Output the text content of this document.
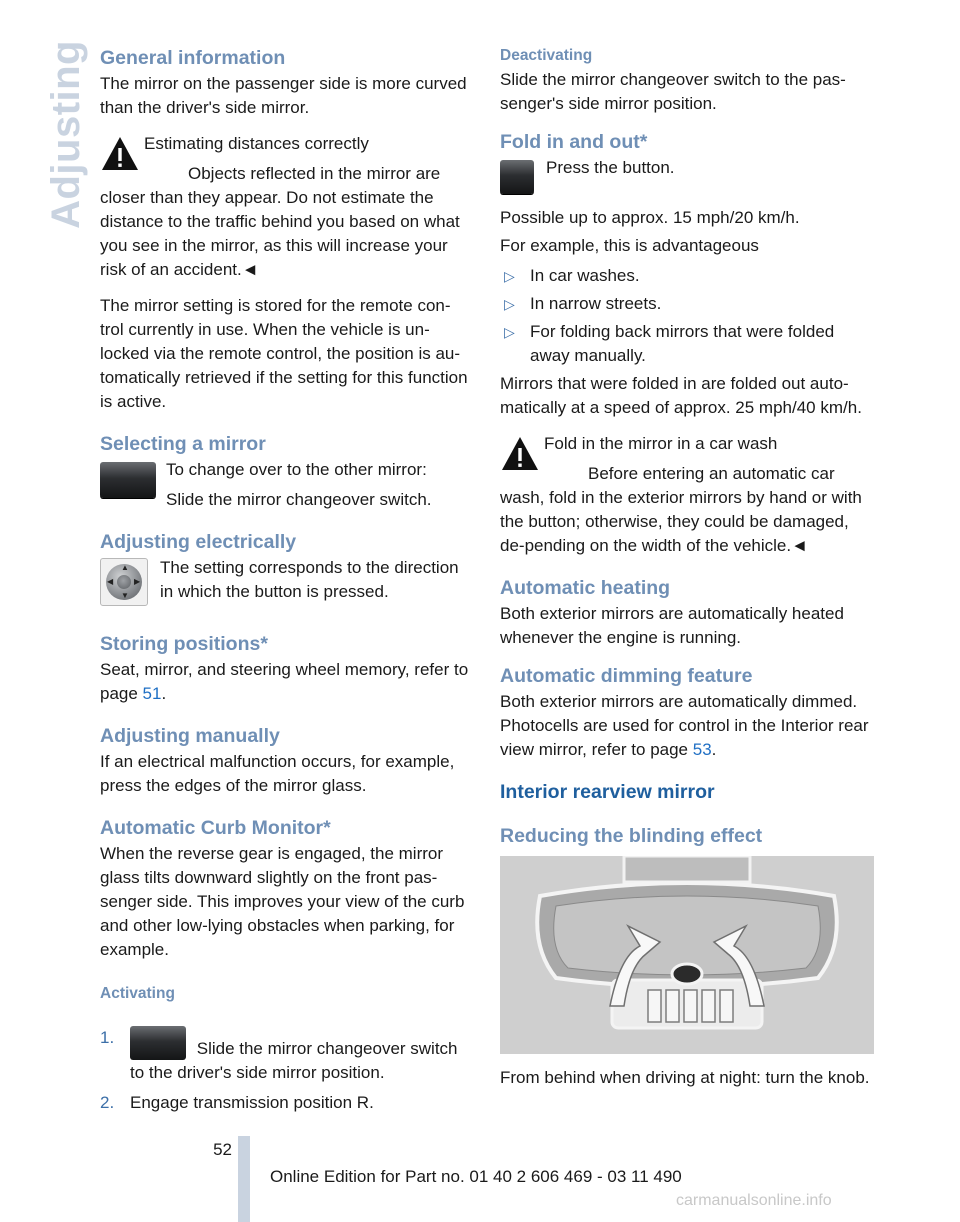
Adjusting General information

The mirror on the passenger side is more curved than the driver's side mirror.

Estimating distances correctly

Objects reflected in the mirror are closer than they appear. Do not estimate the distance to the traffic behind you based on what you see in the mirror, as this will increase your risk of an accident.◄

The mirror setting is stored for the remote con-trol currently in use. When the vehicle is un-locked via the remote control, the position is au-tomatically retrieved if the setting for this function is active.

Selecting a mirror

To change over to the other mirror:

Slide the mirror changeover switch.

Adjusting electrically
▲
▼
◀	▶

The setting corresponds to the direction in which the button is pressed.

Storing positions*

Seat, mirror, and steering wheel memory, refer to page 51.

Adjusting manually

If an electrical malfunction occurs, for example, press the edges of the mirror glass.

Automatic Curb Monitor*

When the reverse gear is engaged, the mirror glass tilts downward slightly on the front pas-senger side. This improves your view of the curb and other low-lying obstacles when parking, for example.

Activating
1.
Slide the mirror changeover switch to the driver's side mirror position.
2. Engage transmission position R.
Deactivating

Slide the mirror changeover switch to the pas-senger's side mirror position.

Fold in and out*

Press the button.

Possible up to approx. 15 mph/20 km/h.

For example, this is advantageous

▷ In car washes.
▷ In narrow streets.
▷ For folding back mirrors that were folded away manually.

Mirrors that were folded in are folded out auto-matically at a speed of approx. 25 mph/40 km/h.

Fold in the mirror in a car wash

Before entering an automatic car wash, fold in the exterior mirrors by hand or with the button; otherwise, they could be damaged, de-pending on the width of the vehicle.◄

Automatic heating

Both exterior mirrors are automatically heated whenever the engine is running.

Automatic dimming feature

Both exterior mirrors are automatically dimmed. Photocells are used for control in the Interior rear view mirror, refer to page 53.

Interior rearview mirror
Reducing the blinding effect

From behind when driving at night: turn the knob.

52
Online Edition for Part no. 01 40 2 606 469 - 03 11 490
carmanualsonline.info
